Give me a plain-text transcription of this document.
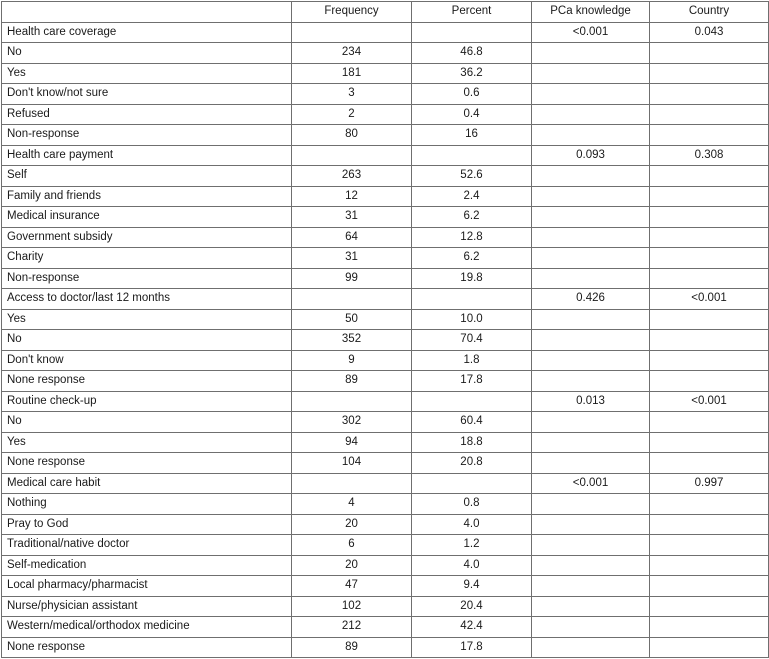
	Frequency	Percent	PCa knowledge	Country
Health care coverage			<0.001	0.043
No	234	46.8		
Yes	181	36.2		
Don't know/not sure	3	0.6		
Refused	2	0.4		
Non-response	80	16		
Health care payment			0.093	0.308
Self	263	52.6		
Family and friends	12	2.4		
Medical insurance	31	6.2		
Government subsidy	64	12.8		
Charity	31	6.2		
Non-response	99	19.8		
Access to doctor/last 12 months			0.426	<0.001
Yes	50	10.0		
No	352	70.4		
Don't know	9	1.8		
None response	89	17.8		
Routine check-up			0.013	<0.001
No	302	60.4		
Yes	94	18.8		
None response	104	20.8		
Medical care habit			<0.001	0.997
Nothing	4	0.8		
Pray to God	20	4.0		
Traditional/native doctor	6	1.2		
Self-medication	20	4.0		
Local pharmacy/pharmacist	47	9.4		
Nurse/physician assistant	102	20.4		
Western/medical/orthodox medicine	212	42.4		
None response	89	17.8		
